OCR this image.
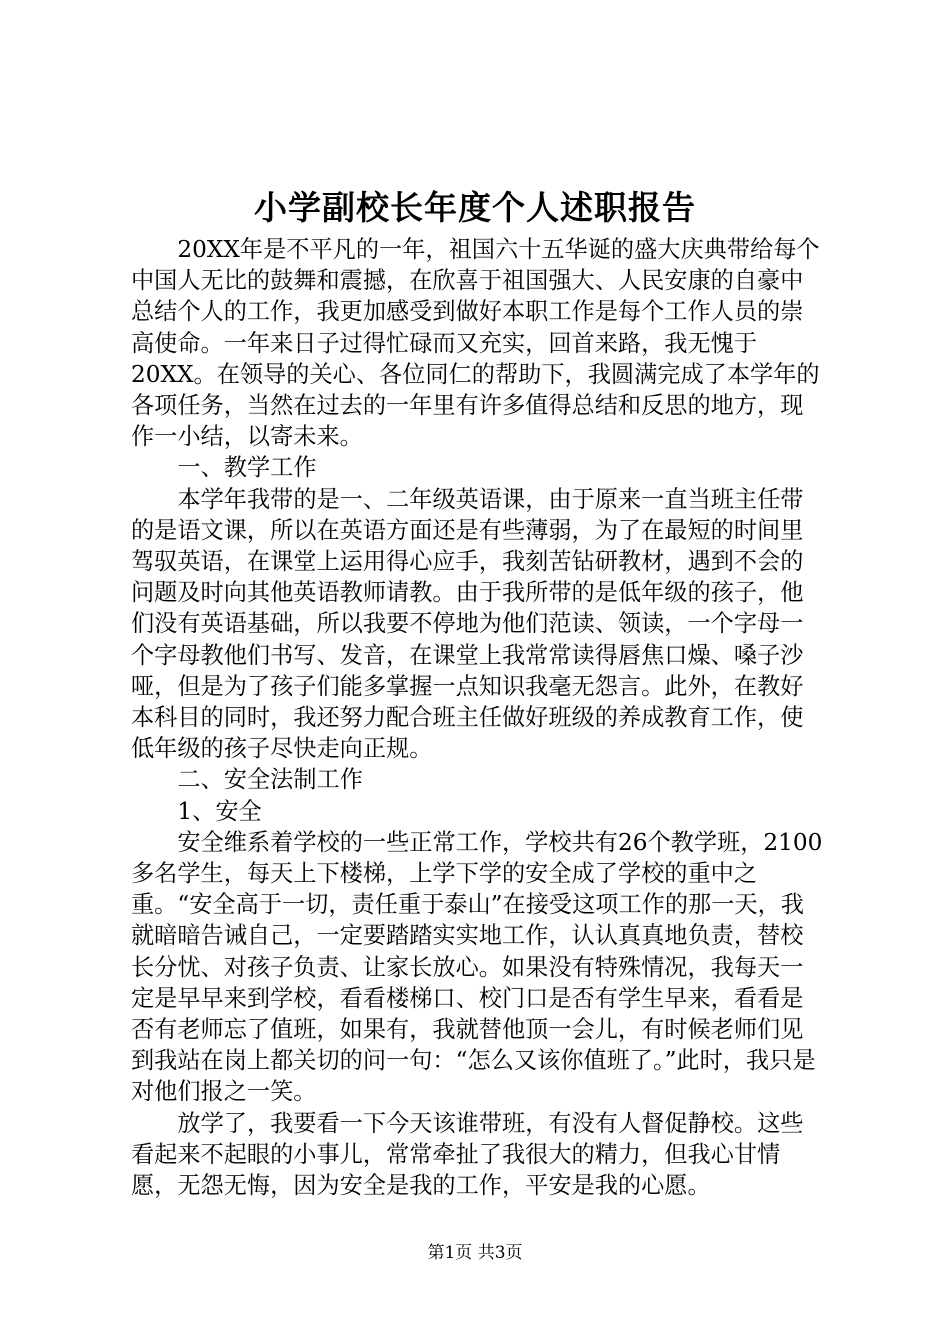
小学副校长年度个人述职报告

20XX年是不平凡的一年，祖国六十五华诞的盛大庆典带给每个中国人无比的鼓舞和震撼，在欣喜于祖国强大、人民安康的自豪中总结个人的工作，我更加感受到做好本职工作是每个工作人员的崇高使命。一年来日子过得忙碌而又充实，回首来路，我无愧于20XX。在领导的关心、各位同仁的帮助下，我圆满完成了本学年的各项任务，当然在过去的一年里有许多值得总结和反思的地方，现作一小结，以寄未来。

一、教学工作

本学年我带的是一、二年级英语课，由于原来一直当班主任带的是语文课，所以在英语方面还是有些薄弱，为了在最短的时间里驾驭英语，在课堂上运用得心应手，我刻苦钻研教材，遇到不会的问题及时向其他英语教师请教。由于我所带的是低年级的孩子，他们没有英语基础，所以我要不停地为他们范读、领读，一个字母一个字母教他们书写、发音，在课堂上我常常读得唇焦口燥、嗓子沙哑，但是为了孩子们能多掌握一点知识我毫无怨言。此外，在教好本科目的同时，我还努力配合班主任做好班级的养成教育工作，使低年级的孩子尽快走向正规。

二、安全法制工作

1、安全

安全维系着学校的一些正常工作，学校共有26个教学班，2100多名学生，每天上下楼梯，上学下学的安全成了学校的重中之重。“安全高于一切，责任重于泰山”在接受这项工作的那一天，我就暗暗告诫自己，一定要踏踏实实地工作，认认真真地负责，替校长分忧、对孩子负责、让家长放心。如果没有特殊情况，我每天一定是早早来到学校，看看楼梯口、校门口是否有学生早来，看看是否有老师忘了值班，如果有，我就替他顶一会儿，有时候老师们见到我站在岗上都关切的问一句：“怎么又该你值班了。”此时，我只是对他们报之一笑。

放学了，我要看一下今天该谁带班，有没有人督促静校。这些看起来不起眼的小事儿，常常牵扯了我很大的精力，但我心甘情愿，无怨无悔，因为安全是我的工作，平安是我的心愿。

第1页 共3页
